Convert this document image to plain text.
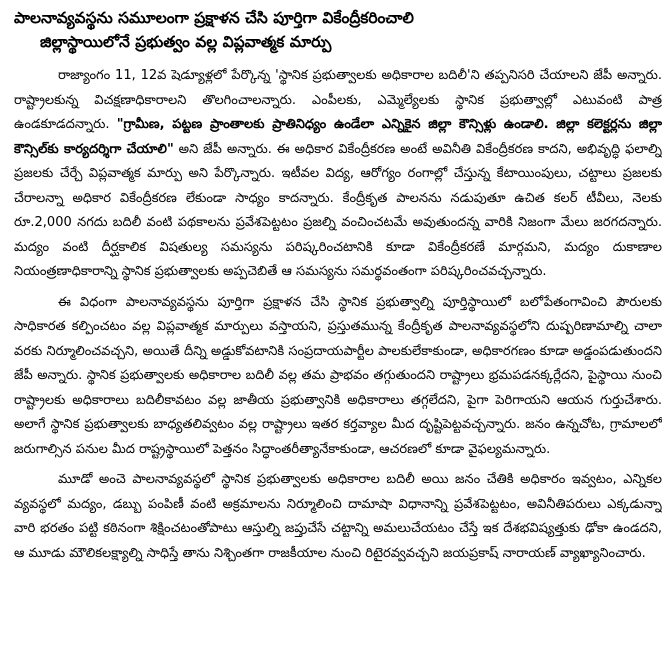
పాలనావ్యవస్థను సమూలంగా ప్రక్షాళన చేసి పూర్తిగా వికేంద్రీకరించాలి
జిల్లాస్థాయిలోనే ప్రభుత్వం వల్ల విప్లవాత్మక మార్పు

రాజ్యాంగం 11, 12వ షెడ్యూళ్లలో పేర్కొన్న 'స్థానిక ప్రభుత్వాలకు అధికారాల బదిలీ'ని తప్పనిసరి చేయాలని జేపీ అన్నారు. రాష్ట్రాలకున్న విచక్షణాధికారాలని తొలగించాలన్నారు. ఎంపీలకు, ఎమ్మెల్యేలకు స్థానిక ప్రభుత్వాల్లో ఎటువంటి పాత్ర ఉండకూడదన్నారు. "గ్రామీణ, పట్టణ ప్రాంతాలకు ప్రాతినిధ్యం ఉండేలా ఎన్నికైన జిల్లా కౌన్సిళ్లు ఉండాలి. జిల్లా కలెక్టర్లను జిల్లా కౌన్సిల్‌కు కార్యదర్శిగా చేయాలి" అని జేపీ అన్నారు. ఈ అధికార వికేంద్రీకరణ అంటే అవినీతి వికేంద్రీకరణ కాదని, అభివృద్ధి ఫలాల్ని ప్రజలకు చేర్చే విప్లవాత్మక మార్పు అని పేర్కొన్నారు. ఇటీవల విద్య, ఆరోగ్యం రంగాల్లో చేస్తున్న కేటాయింపులు, చట్టాలు ప్రజలకు చేరాలన్నా అధికార వికేంద్రీకరణ లేకుండా సాధ్యం కాదన్నారు. కేంద్రీకృత పాలనను నడుపుతూ ఉచిత కలర్ టీవీలు, నెలకు రూ.2,000 నగదు బదిలీ వంటి పథకాలను ప్రవేశపెట్టటం ప్రజల్ని వంచించటమే అవుతుందన్న వారికి నిజంగా మేలు జరగదన్నారు. మద్యం వంటి దీర్ఘకాలిక విషతుల్య సమస్యను పరిష్కరించటానికి కూడా వికేంద్రీకరణే మార్గమని, మద్యం దుకాణాల నియంత్రణాధికారాన్ని స్థానిక ప్రభుత్వాలకు అప్పచెబితే ఆ సమస్యను సమర్థవంతంగా పరిష్కరించవచ్చన్నారు.

ఈ విధంగా పాలనావ్యవస్థను పూర్తిగా ప్రక్షాళన చేసి స్థానిక ప్రభుత్వాల్ని పూర్తిస్థాయిలో బలోపేతంగావించి పౌరులకు సాధికారత కల్పించటం వల్ల విప్లవాత్మక మార్పులు వస్తాయని, ప్రస్తుతమున్న కేంద్రీకృత పాలనావ్యవస్థలోని దుష్పరిణామాల్ని చాలా వరకు నిర్మూలించవచ్చని, అయితే దీన్ని అడ్డుకోవటానికి సంప్రదాయపార్టీల పాలకులేకాకుండా, అధికారగణం కూడా అడ్డంపడుతుందని జేపీ అన్నారు. స్థానిక ప్రభుత్వాలకు అధికారాల బదిలీ వల్ల తమ ప్రాభవం తగ్గుతుందని రాష్ట్రాలు భ్రమపడనక్కర్లేదని, పైస్థాయి నుంచి రాష్ట్రాలకు అధికారాలు బదిలీకావటం వల్ల జాతీయ ప్రభుత్వానికి అధికారాలు తగ్గలేదని, పైగా పెరిగాయని ఆయన గుర్తుచేశారు. అలాగే స్థానిక ప్రభుత్వాలకు బాధ్యతలివ్వటం వల్ల రాష్ట్రాలు ఇతర కర్తవ్యాల మీద దృష్టిపెట్టవచ్చన్నారు. జనం ఉన్నచోట, గ్రామాలలో జరుగాల్సిన పనుల మీద రాష్ట్రస్థాయిలో పెత్తనం సిద్ధాంతరీత్యానేకాకుండా, ఆచరణలో కూడా వైఫల్యమన్నారు.

మూడో అంచె పాలనావ్యవస్థలో స్థానిక ప్రభుత్వాలకు అధికారాల బదిలీ అయి జనం చేతికి అధికారం ఇవ్వటం, ఎన్నికల వ్యవస్థలో మద్యం, డబ్బు పంపిణీ వంటి అక్రమాలను నిర్మూలించి దామాషా విధానాన్ని ప్రవేశపెట్టటం, అవినీతిపరులు ఎక్కడున్నా వారి భరతం పట్టి కఠినంగా శిక్షించటంతోపాటు ఆస్తుల్ని జప్తుచేసే చట్టాన్ని అమలుచేయటం చేస్తే ఇక దేశభవిష్యత్తుకు ఢోకా ఉండదని, ఆ మూడు మౌలికలక్ష్యాల్ని సాధిస్తే తాను నిశ్చింతగా రాజకీయాల నుంచి రిటైరవ్వవచ్చని జయప్రకాష్ నారాయణ్ వ్యాఖ్యానించారు.
